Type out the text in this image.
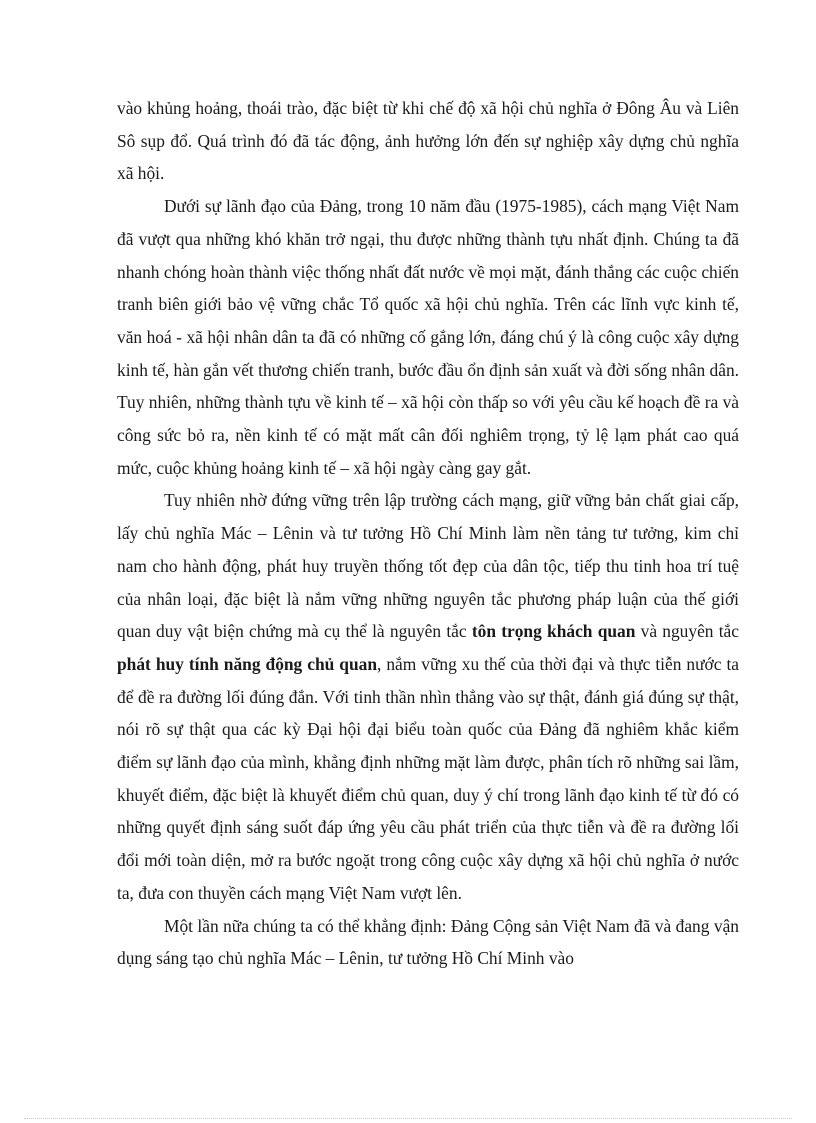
vào khủng hoảng, thoái trào, đặc biệt từ khi chế độ xã hội chủ nghĩa ở Đông Âu và Liên Sô sụp đổ. Quá trình đó đã tác động, ảnh hưởng lớn đến sự nghiệp xây dựng chủ nghĩa xã hội.

Dưới sự lãnh đạo của Đảng, trong 10 năm đầu (1975-1985), cách mạng Việt Nam đã vượt qua những khó khăn trở ngại, thu được những thành tựu nhất định. Chúng ta đã nhanh chóng hoàn thành việc thống nhất đất nước về mọi mặt, đánh thắng các cuộc chiến tranh biên giới bảo vệ vững chắc Tổ quốc xã hội chủ nghĩa. Trên các lĩnh vực kinh tế, văn hoá - xã hội nhân dân ta đã có những cố gắng lớn, đáng chú ý là công cuộc xây dựng kinh tế, hàn gắn vết thương chiến tranh, bước đầu ổn định sản xuất và đời sống nhân dân. Tuy nhiên, những thành tựu về kinh tế – xã hội còn thấp so với yêu cầu kế hoạch đề ra và công sức bỏ ra, nền kinh tế có mặt mất cân đối nghiêm trọng, tỷ lệ lạm phát cao quá mức, cuộc khủng hoảng kinh tế – xã hội ngày càng gay gắt.

Tuy nhiên nhờ đứng vững trên lập trường cách mạng, giữ vững bản chất giai cấp, lấy chủ nghĩa Mác – Lênin và tư tưởng Hồ Chí Minh làm nền tảng tư tưởng, kim chỉ nam cho hành động, phát huy truyền thống tốt đẹp của dân tộc, tiếp thu tinh hoa trí tuệ của nhân loại, đặc biệt là nắm vững những nguyên tắc phương pháp luận của thế giới quan duy vật biện chứng mà cụ thể là nguyên tắc tôn trọng khách quan và nguyên tắc phát huy tính năng động chủ quan, nắm vững xu thế của thời đại và thực tiễn nước ta để đề ra đường lối đúng đắn. Với tinh thần nhìn thẳng vào sự thật, đánh giá đúng sự thật, nói rõ sự thật qua các kỳ Đại hội đại biểu toàn quốc của Đảng đã nghiêm khắc kiểm điểm sự lãnh đạo của mình, khẳng định những mặt làm được, phân tích rõ những sai lầm, khuyết điểm, đặc biệt là khuyết điểm chủ quan, duy ý chí trong lãnh đạo kinh tế từ đó có những quyết định sáng suốt đáp ứng yêu cầu phát triển của thực tiễn và đề ra đường lối đổi mới toàn diện, mở ra bước ngoặt trong công cuộc xây dựng xã hội chủ nghĩa ở nước ta, đưa con thuyền cách mạng Việt Nam vượt lên.

Một lần nữa chúng ta có thể khẳng định: Đảng Cộng sản Việt Nam đã và đang vận dụng sáng tạo chủ nghĩa Mác – Lênin, tư tưởng Hồ Chí Minh vào
